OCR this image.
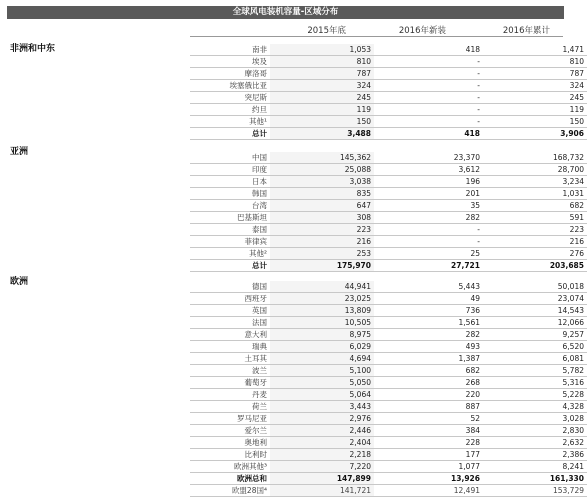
全球风电装机容量-区域分布
2015年底	2016年新装	2016年累计
非洲和中东	南非	1,053	418	1,471
埃及	810	-	810
摩洛哥	787	-	787
埃塞俄比亚	324	-	324
突尼斯	245	-	245
约旦	119	-	119
其他¹	150	-	150
总计	3,488	418	3,906
亚洲
中国	145,362	23,370	168,732
印度	25,088	3,612	28,700
日本	3,038	196	3,234
韩国	835	201	1,031
台湾	647	35	682
巴基斯坦	308	282	591
泰国	223	-	223
菲律宾	216	-	216
其他²	253	25	276
总计	175,970	27,721	203,685
欧洲	德国	44,941	5,443	50,018
西班牙	23,025	49	23,074
英国	13,809	736	14,543
法国	10,505	1,561	12,066
意大利	8,975	282	9,257
瑞典	6,029	493	6,520
土耳其	4,694	1,387	6,081
波兰	5,100	682	5,782
葡萄牙	5,050	268	5,316
丹麦	5,064	220	5,228
荷兰	3,443	887	4,328
罗马尼亚	2,976	52	3,028
爱尔兰	2,446	384	2,830
奥地利	2,404	228	2,632
比利时	2,218	177	2,386
欧洲其他³	7,220	1,077	8,241
欧洲总和	147,899	13,926	161,330
欧盟28国⁴	141,721	12,491	153,729
